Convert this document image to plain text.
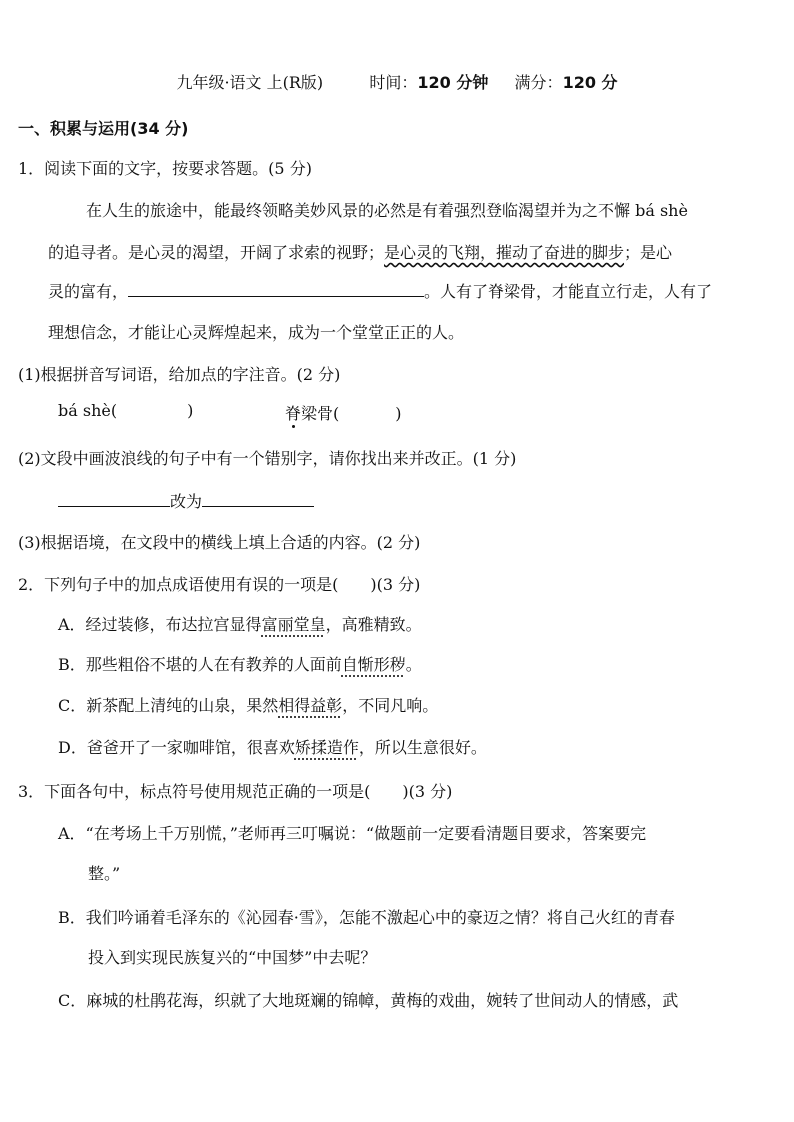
九年级·语文 上(R版)	时间：120 分钟 满分：120 分
一、积累与运用(34 分)
1．阅读下面的文字，按要求答题。(5 分)
在人生的旅途中，能最终领略美妙风景的必然是有着强烈登临渴望并为之不懈 bá shè
的追寻者。是心灵的渴望，开阔了求索的视野；是心灵的飞翔，摧动了奋进的脚步；是心
灵的富有，	。人有了脊梁骨，才能直立行走，人有了
理想信念，才能让心灵辉煌起来，成为一个堂堂正正的人。
(1)根据拼音写词语，给加点的字注音。(2 分)
bá shè(	)	脊梁骨(	)
(2)文段中画波浪线的句子中有一个错别字，请你找出来并改正。(1 分)
改为
(3)根据语境，在文段中的横线上填上合适的内容。(2 分)
2．下列句子中的加点成语使用有误的一项是(　　)(3 分)
A．经过装修，布达拉宫显得富丽堂皇，高雅精致。
B．那些粗俗不堪的人在有教养的人面前自惭形秽。
C．新茶配上清纯的山泉，果然相得益彰，不同凡响。
D．爸爸开了一家咖啡馆，很喜欢矫揉造作，所以生意很好。
3．下面各句中，标点符号使用规范正确的一项是(　　)(3 分)
A．“在考场上千万别慌，”老师再三叮嘱说：“做题前一定要看清题目要求，答案要完
整。”
B．我们吟诵着毛泽东的《沁园春·雪》，怎能不激起心中的豪迈之情？将自己火红的青春
投入到实现民族复兴的“中国梦”中去呢？
C．麻城的杜鹃花海，织就了大地斑斓的锦幛，黄梅的戏曲，婉转了世间动人的情感，武
